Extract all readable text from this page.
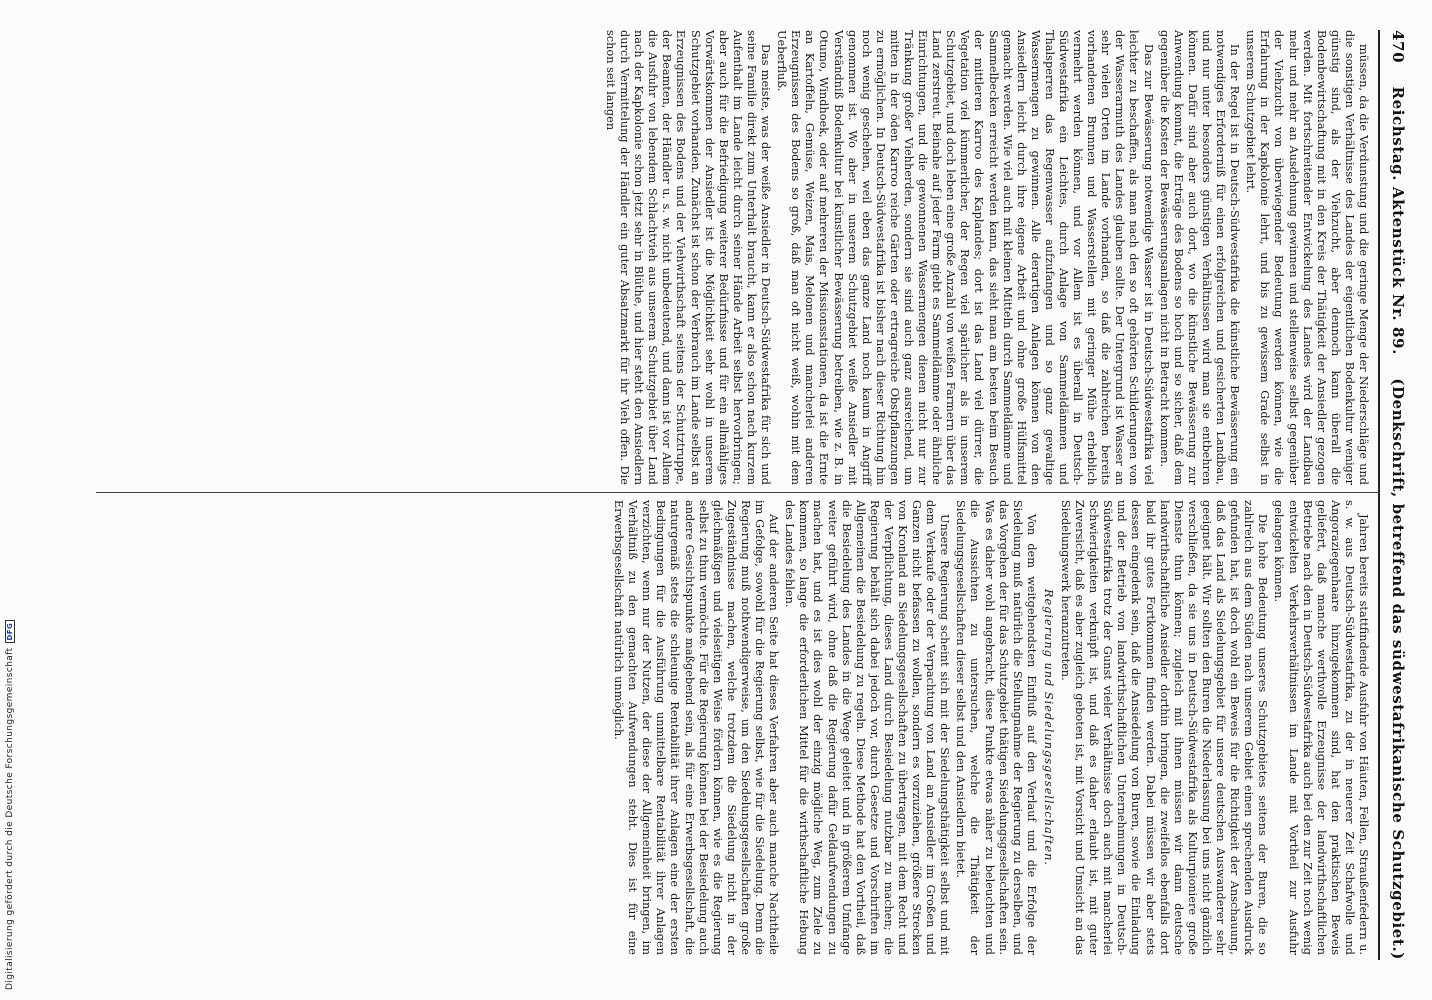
Digitalisierung gefördert durch die Deutsche Forschungsgemeinschaft
DFG
470
Reichstag. Aktenstück Nr. 89.
(Denkschrift, betreffend das südwestafrikanische Schutzgebiet.)

müssen, da die Verdunstung und die geringe Menge der Niederschläge und die sonstigen Verhältnisse des Landes der eigentlichen Bodenkultur weniger günstig sind, als der Viehzucht, aber dennoch kann überall die Bodenbewirtschaftung mit in den Kreis der Thätigkeit der Ansiedler gezogen werden. Mit fortschreitender Entwickelung des Landes wird der Landbau mehr und mehr an Ausdehnung gewinnen und stellenweise selbst gegenüber der Viehzucht von überwiegender Bedeutung werden können, wie die Erfahrung in der Kapkolonie lehrt, und bis zu gewissem Grade selbst in unserem Schutzgebiet lehrt.

In der Regel ist in Deutsch-Südwestafrika die künstliche Bewässerung ein notwendiges Erforderniß für einen erfolgreichen und gesicherten Landbau, und nur unter besonders günstigen Verhältnissen wird man sie entbehren können. Dafür sind aber auch dort, wo die künstliche Bewässerung zur Anwendung kommt, die Erträge des Bodens so hoch und so sicher, daß dem gegenüber die Kosten der Bewässerungsanlagen nicht in Betracht kommen.

Das zur Bewässerung notwendige Wasser ist in Deutsch-Südwestafrika viel leichter zu beschaffen, als man nach den so oft gehörten Schilderungen von der Wasserarmuth des Landes glauben sollte. Der Untergrund ist Wasser an sehr vielen Orten im Lande vorhanden, so daß die zahlreichen bereits vorhandenen Brunnen und Wasserstellen mit geringer Mühe erheblich vermehrt werden können, und vor Allem ist es überall in Deutsch-Südwestafrika ein Leichtes, durch Anlage von Sammeldämmen und Thalsperren das Regenwasser aufzufangen und so ganz gewaltige Wassermengen zu gewinnen. Alle derartigen Anlagen können von den Ansiedlern leicht durch ihre eigene Arbeit und ohne große Hülfsmittel gemacht werden. Wie viel auch mit kleinen Mitteln durch Sammeldämme und Sammelbecken erreicht werden kann, das sieht man am besten beim Besuch der mittleren Karroo des Kaplandes; dort ist das Land viel dürrer, die Vegetation viel kümmerlicher, der Regen viel spärlicher als in unserem Schutzgebiet, und doch leben eine große Anzahl von weißen Farmern über das Land zerstreut. Beinahe auf jeder Farm giebt es Sammeldämme oder ähnliche Einrichtungen, und die gewonnenen Wassermengen dienen nicht nur zur Tränkung großer Viehherden, sondern sie sind auch ganz ausreichend, um mitten in der öden Karroo reiche Gärten oder ertragreiche Obstpflanzungen zu ermöglichen. In Deutsch-Südwestafrika ist bisher nach dieser Richtung hin noch wenig geschehen, weil eben das ganze Land noch kaum in Angriff genommen ist. Wo aber in unserem Schutzgebiet weiße Ansiedler mit Verständniß Bodenkultur bei künstlicher Bewässerung betreiben, wie z. B. in Otumo, Windhoek, oder auf mehreren der Missionsstationen, da ist die Ernte an Kartoffeln, Gemüse, Weizen, Mais, Melonen und mancherlei anderen Erzeugnissen des Bodens so groß, daß man oft nicht weiß, wohin mit dem Ueberfluß.

Das meiste, was der weiße Ansiedler in Deutsch-Südwestafrika für sich und seine Familie direkt zum Unterhalt braucht, kann er also schon nach kurzem Aufenthalt im Lande leicht durch seiner Hände Arbeit selbst hervorbringen; aber auch für die Befriedigung weiterer Bedürfnisse und für ein allmähliges Vorwärtskommen der Ansiedler ist die Möglichkeit sehr wohl in unserem Schutzgebiet vorhanden. Zunächst ist schon der Verbrauch im Lande selbst an Erzeugnissen des Bodens und der Viehwirthschaft seitens der Schutztruppe, der Beamten, der Händler u. s. w. nicht unbedeutend, und dann ist vor Allem die Ausfuhr von lebendem Schlachtvieh aus unserem Schutzgebiet über Land nach der Kapkolonie schon jetzt sehr in Blüthe, und hier steht den Ansiedlern durch Vermittelung der Händler ein guter Absatzmarkt für ihr Vieh offen. Die schon seit langen

Jahren bereits stattfindende Ausfuhr von Häuten, Fellen, Straußenfedern u. s. w. aus Deutsch-Südwestafrika, zu der in neuerer Zeit Schafwolle und Angoraziegenhaare hinzugekommen sind, hat den praktischen Beweis geliefert, daß manche werthvolle Erzeugnisse der landwirthschaftlichen Betriebe nach den in Deutsch-Südwestafrika auch bei den zur Zeit noch wenig entwickelten Verkehrsverhältnissen im Lande mit Vortheil zur Ausfuhr gelangen können.

Die hohe Bedeutung unseres Schutzgebietes seitens der Buren, die so zahlreich aus dem Süden nach unserem Gebiet einen sprechenden Ausdruck gefunden hat, ist doch wohl ein Beweis für die Richtigkeit der Anschauung, daß das Land als Siedelungsgebiet für unsere deutschen Auswanderer sehr geeignet hält. Wir sollten den Buren die Niederlassung bei uns nicht gänzlich verschließen, da sie uns in Deutsch-Südwestafrika als Kulturpioniere große Dienste thun können; zugleich mit ihnen müssen wir dann deutsche landwirthschaftliche Ansiedler dorthin bringen, die zweifellos ebenfalls dort bald ihr gutes Fortkommen finden werden. Dabei müssen wir aber stets dessen eingedenk sein, daß die Ansiedelung von Buren, sowie die Einladung und der Betrieb von landwirthschaftlichen Unternehmungen in Deutsch-Südwestafrika trotz der Gunst vieler Verhältnisse doch auch mit mancherlei Schwierigkeiten verknüpft ist, und daß es daher erlaubt ist, mit guter Zuversicht, daß es aber zugleich geboten ist, mit Vorsicht und Umsicht an das Siedelungswerk heranzutreten.

Regierung und Siedelungsgesellschaften.

Von dem weitgehendsten Einfluß auf den Verlauf und die Erfolge der Siedelung muß natürlich die Stellungnahme der Regierung zu derselben, und das Vorgehen der für das Schutzgebiet thätigen Siedelungsgesellschaften sein. Was es daher wohl angebracht, diese Punkte etwas näher zu beleuchten und die Aussichten zu untersuchen, welche die Thätigkeit der Siedelungsgesellschaften dieser selbst und den Ansiedlern bietet.

Unsere Regierung scheint sich mit der Siedelungsthätigkeit selbst und mit dem Verkaufe oder der Verpachtung von Land an Ansiedler im Großen und Ganzen nicht befassen zu wollen, sondern es vorzuziehen, größere Strecken von Kronland an Siedelungsgesellschaften zu übertragen, mit dem Recht und der Verpflichtung, dieses Land durch Besiedelung nutzbar zu machen; die Regierung behält sich dabei jedoch vor, durch Gesetze und Vorschriften im Allgemeinen die Besiedelung zu regeln. Diese Methode hat den Vortheil, daß die Besiedelung des Landes in die Wege geleitet und in größerem Umfange weiter geführt wird, ohne daß die Regierung dafür Geldaufwendungen zu machen hat, und es ist dies wohl der einzig mögliche Weg, zum Ziele zu kommen, so lange die erforderlichen Mittel für die wirthschaftliche Hebung des Landes fehlen.

Auf der anderen Seite hat dieses Verfahren aber auch manche Nachtheile im Gefolge, sowohl für die Regierung selbst, wie für die Siedelung. Denn die Regierung muß nothwendigerweise, um den Siedelungsgesellschaften große Zugeständnisse machen, welche trotzdem die Siedelung nicht in der gleichmäßigen und vielseitigen Weise fördern können, wie es die Regierung selbst zu thun vermöchte. Für die Regierung können bei der Besiedelung auch andere Gesichtspunkte maßgebend sein, als für eine Erwerbsgesellschaft, die naturgemäß stets die schleunige Rentabilität ihrer Anlagen eine der ersten Bedingungen für die Ausführung unmittelbare Rentabilität ihrer Anlagen verzichten, wenn nur der Nutzen, der diese der Allgemeinheit bringen, im Verhältniß zu den gemachten Aufwendungen steht. Dies ist für eine Erwerbsgesellschaft natürlich unmöglich.
